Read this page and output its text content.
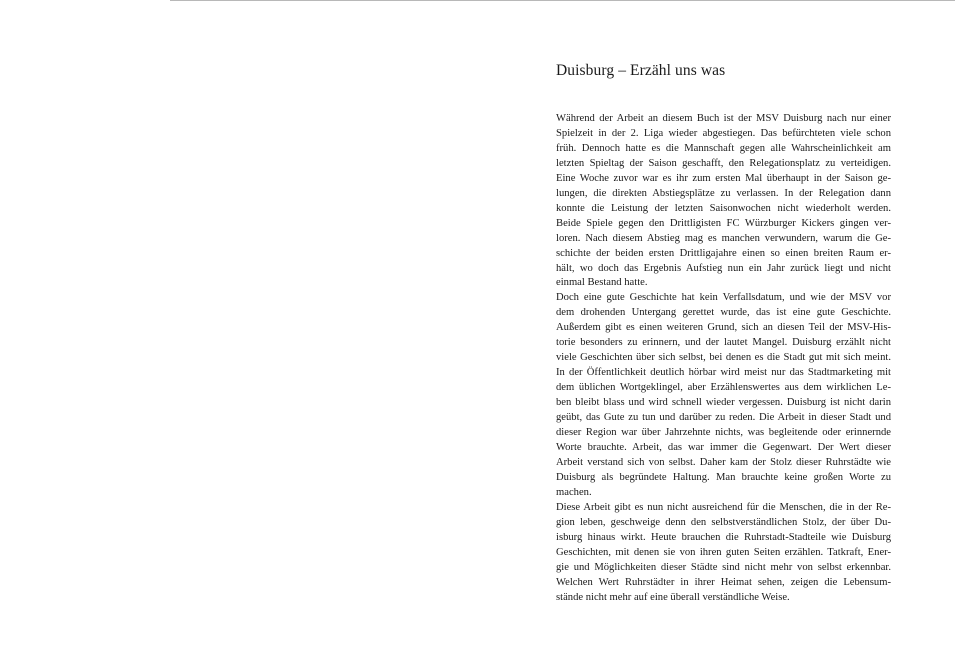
Duisburg – Erzähl uns was
Während der Arbeit an diesem Buch ist der MSV Duisburg nach nur einer
Spielzeit in der 2. Liga wieder abgestiegen. Das befürchteten viele schon
früh. Dennoch hatte es die Mannschaft gegen alle Wahrscheinlichkeit am
letzten Spieltag der Saison geschafft, den Relegationsplatz zu verteidigen.
Eine Woche zuvor war es ihr zum ersten Mal überhaupt in der Saison ge-
lungen, die direkten Abstiegsplätze zu verlassen. In der Relegation dann
konnte die Leistung der letzten Saisonwochen nicht wiederholt werden.
Beide Spiele gegen den Drittligisten FC Würzburger Kickers gingen ver-
loren. Nach diesem Abstieg mag es manchen verwundern, warum die Ge-
schichte der beiden ersten Drittligajahre einen so einen breiten Raum er-
hält, wo doch das Ergebnis Aufstieg nun ein Jahr zurück liegt und nicht
einmal Bestand hatte.
Doch eine gute Geschichte hat kein Verfallsdatum, und wie der MSV vor
dem drohenden Untergang gerettet wurde, das ist eine gute Geschichte.
Außerdem gibt es einen weiteren Grund, sich an diesen Teil der MSV-His-
torie besonders zu erinnern, und der lautet Mangel. Duisburg erzählt nicht
viele Geschichten über sich selbst, bei denen es die Stadt gut mit sich meint.
In der Öffentlichkeit deutlich hörbar wird meist nur das Stadtmarketing mit
dem üblichen Wortgeklingel, aber Erzählenswertes aus dem wirklichen Le-
ben bleibt blass und wird schnell wieder vergessen. Duisburg ist nicht darin
geübt, das Gute zu tun und darüber zu reden. Die Arbeit in dieser Stadt und
dieser Region war über Jahrzehnte nichts, was begleitende oder erinnernde
Worte brauchte. Arbeit, das war immer die Gegenwart. Der Wert dieser
Arbeit verstand sich von selbst. Daher kam der Stolz dieser Ruhrstädte wie
Duisburg als begründete Haltung. Man brauchte keine großen Worte zu
machen.
Diese Arbeit gibt es nun nicht ausreichend für die Menschen, die in der Re-
gion leben, geschweige denn den selbstverständlichen Stolz, der über Du-
isburg hinaus wirkt. Heute brauchen die Ruhrstadt-Stadteile wie Duisburg
Geschichten, mit denen sie von ihren guten Seiten erzählen. Tatkraft, Ener-
gie und Möglichkeiten dieser Städte sind nicht mehr von selbst erkennbar.
Welchen Wert Ruhrstädter in ihrer Heimat sehen, zeigen die Lebensum-
stände nicht mehr auf eine überall verständliche Weise.
